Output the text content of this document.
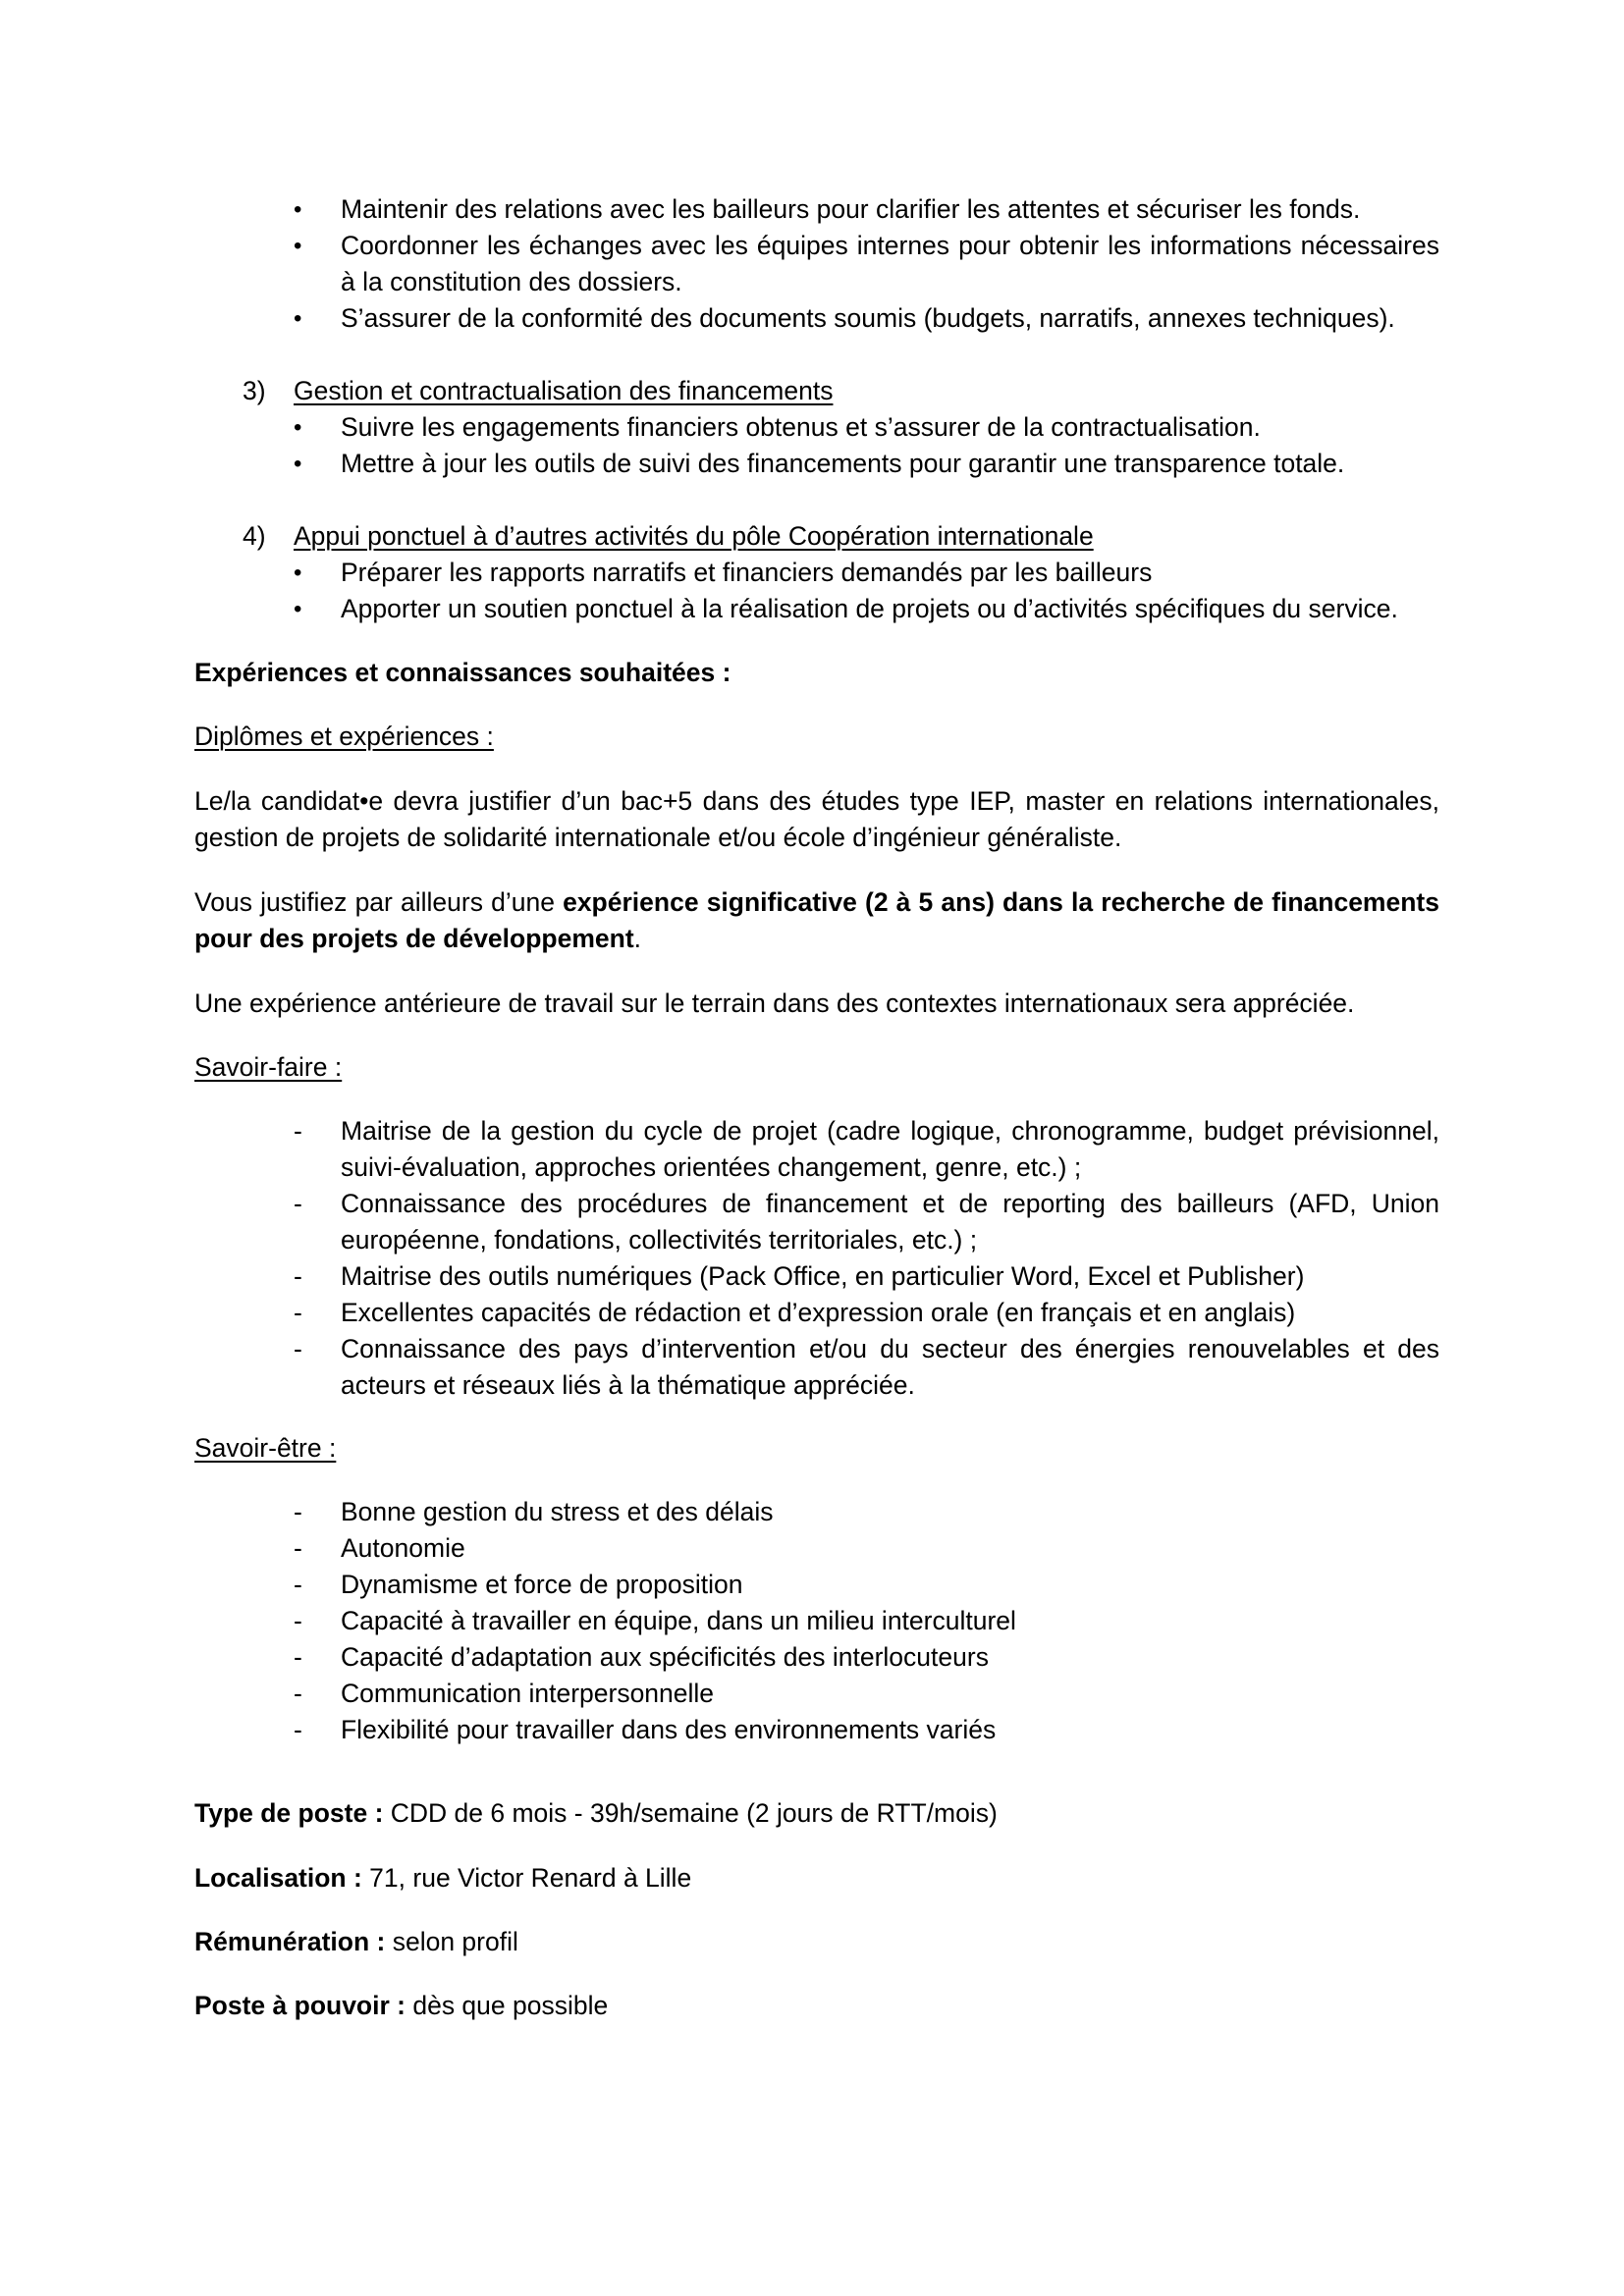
• Maintenir des relations avec les bailleurs pour clarifier les attentes et sécuriser les fonds.
• Coordonner les échanges avec les équipes internes pour obtenir les informations nécessaires à la constitution des dossiers.
• S’assurer de la conformité des documents soumis (budgets, narratifs, annexes techniques).
3) Gestion et contractualisation des financements
• Suivre les engagements financiers obtenus et s’assurer de la contractualisation.
• Mettre à jour les outils de suivi des financements pour garantir une transparence totale.
4) Appui ponctuel à d’autres activités du pôle Coopération internationale
• Préparer les rapports narratifs et financiers demandés par les bailleurs
• Apporter un soutien ponctuel à la réalisation de projets ou d’activités spécifiques du service.

Expériences et connaissances souhaitées :

Diplômes et expériences :

Le/la candidat•e devra justifier d’un bac+5 dans des études type IEP, master en relations internationales, gestion de projets de solidarité internationale et/ou école d’ingénieur généraliste.

Vous justifiez par ailleurs d’une expérience significative (2 à 5 ans) dans la recherche de financements pour des projets de développement.

Une expérience antérieure de travail sur le terrain dans des contextes internationaux sera appréciée.

Savoir-faire :

- Maitrise de la gestion du cycle de projet (cadre logique, chronogramme, budget prévisionnel, suivi-évaluation, approches orientées changement, genre, etc.) ;
- Connaissance des procédures de financement et de reporting des bailleurs (AFD, Union européenne, fondations, collectivités territoriales, etc.) ;
- Maitrise des outils numériques (Pack Office, en particulier Word, Excel et Publisher)
- Excellentes capacités de rédaction et d’expression orale (en français et en anglais)
- Connaissance des pays d’intervention et/ou du secteur des énergies renouvelables et des acteurs et réseaux liés à la thématique appréciée.

Savoir-être :

- Bonne gestion du stress et des délais
- Autonomie
- Dynamisme et force de proposition
- Capacité à travailler en équipe, dans un milieu interculturel
- Capacité d’adaptation aux spécificités des interlocuteurs
- Communication interpersonnelle
- Flexibilité pour travailler dans des environnements variés

Type de poste : CDD de 6 mois - 39h/semaine (2 jours de RTT/mois)

Localisation : 71, rue Victor Renard à Lille

Rémunération : selon profil

Poste à pouvoir : dès que possible
